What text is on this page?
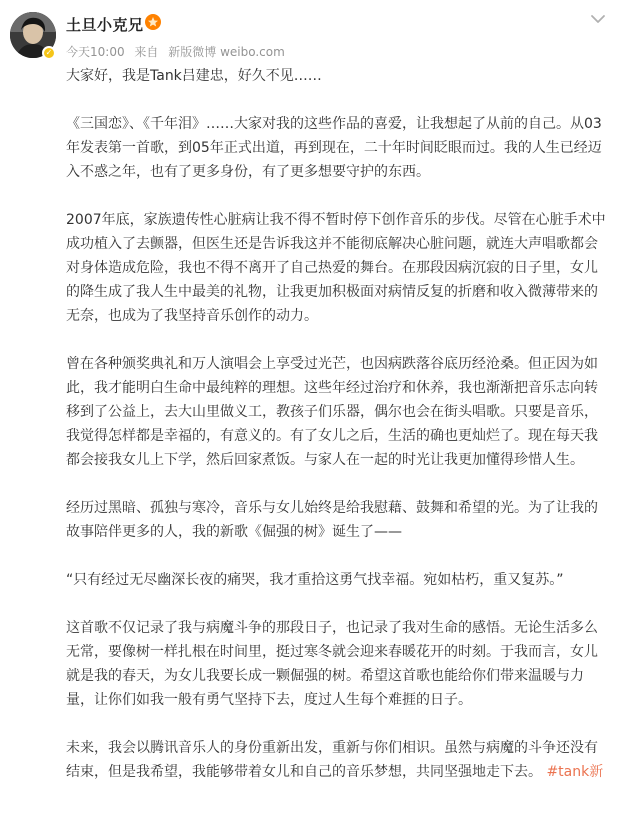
✓
土旦小克兄
今天10:00 来自 新版微博 weibo.com

大家好，我是Tank吕建忠，好久不见……

《三国恋》、《千年泪》……大家对我的这些作品的喜爱，让我想起了从前的自己。从03年发表第一首歌，到05年正式出道，再到现在，二十年时间眨眼而过。我的人生已经迈入不惑之年，也有了更多身份，有了更多想要守护的东西。

2007年底，家族遗传性心脏病让我不得不暂时停下创作音乐的步伐。尽管在心脏手术中成功植入了去颤器，但医生还是告诉我这并不能彻底解决心脏问题，就连大声唱歌都会对身体造成危险，我也不得不离开了自己热爱的舞台。在那段因病沉寂的日子里，女儿的降生成了我人生中最美的礼物，让我更加积极面对病情反复的折磨和收入微薄带来的无奈，也成为了我坚持音乐创作的动力。

曾在各种颁奖典礼和万人演唱会上享受过光芒，也因病跌落谷底历经沧桑。但正因为如此，我才能明白生命中最纯粹的理想。这些年经过治疗和休养，我也渐渐把音乐志向转移到了公益上，去大山里做义工，教孩子们乐器，偶尔也会在街头唱歌。只要是音乐，我觉得怎样都是幸福的，有意义的。有了女儿之后，生活的确也更灿烂了。现在每天我都会接我女儿上下学，然后回家煮饭。与家人在一起的时光让我更加懂得珍惜人生。

经历过黑暗、孤独与寒冷，音乐与女儿始终是给我慰藉、鼓舞和希望的光。为了让我的故事陪伴更多的人，我的新歌《倔强的树》诞生了——

“只有经过无尽幽深长夜的痛哭，我才重拾这勇气找幸福。宛如枯朽，重又复苏。”

这首歌不仅记录了我与病魔斗争的那段日子，也记录了我对生命的感悟。无论生活多么无常，要像树一样扎根在时间里，挺过寒冬就会迎来春暖花开的时刻。于我而言，女儿就是我的春天，为女儿我要长成一颗倔强的树。希望这首歌也能给你们带来温暖与力量，让你们如我一般有勇气坚持下去，度过人生每个难捱的日子。

未来，我会以腾讯音乐人的身份重新出发，重新与你们相识。虽然与病魔的斗争还没有结束，但是我希望，我能够带着女儿和自己的音乐梦想，共同坚强地走下去。 #tank新
